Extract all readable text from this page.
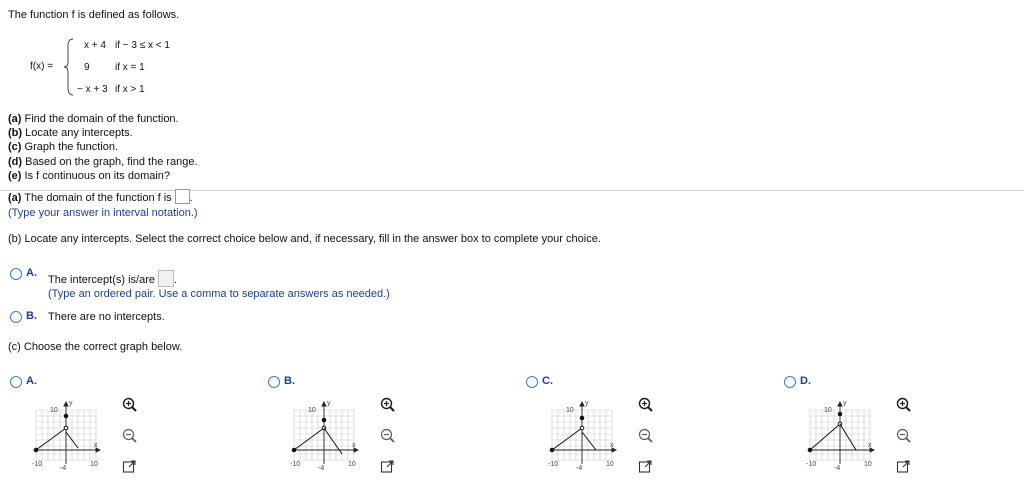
The function f is defined as follows.
f(x) =
x + 4 if − 3 ≤ x < 1
9	if x = 1
− x + 3 if x > 1
(a) Find the domain of the function.
(b) Locate any intercepts.
(c) Graph the function.
(d) Based on the graph, find the range.
(e) Is f continuous on its domain?
(a) The domain of the function f is .
(Type your answer in interval notation.)
(b) Locate any intercepts. Select the correct choice below and, if necessary, fill in the answer box to complete your choice.
A.
The intercept(s) is/are .
(Type an ordered pair. Use a comma to separate answers as needed.)
B. There are no intercepts.
(c) Choose the correct graph below.
A.
10
y
x
-10	10
-4
B.
10
y
x
-10	10
-4
C.
10
y
x
-10	10
-4
D.
10
y
x
-10	10
-4
